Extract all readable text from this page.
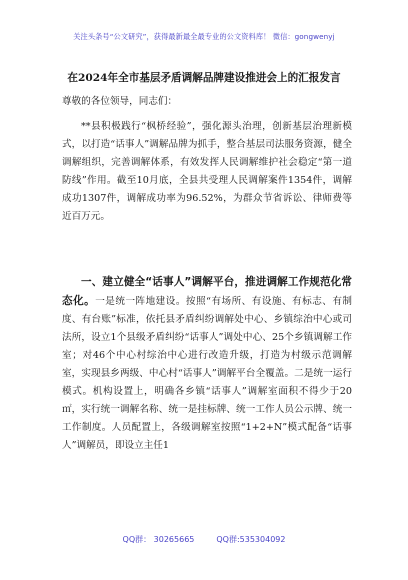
关注头条号“公文研究”，获得最新最全最专业的公文资料库！ 微信：gongwenyj
在2024年全市基层矛盾调解品牌建设推进会上的汇报发言
尊敬的各位领导，同志们：

**县积极践行“枫桥经验”，强化源头治理，创新基层治理新模式，以打造“话事人”调解品牌为抓手，整合基层司法服务资源，健全调解组织，完善调解体系，有效发挥人民调解维护社会稳定“第一道防线”作用。截至10月底，全县共受理人民调解案件1354件，调解成功1307件，调解成功率为96.52%，为群众节省诉讼、律师费等近百万元。

一、建立健全“话事人”调解平台，推进调解工作规范化常态化。一是统一阵地建设。按照“有场所、有设施、有标志、有制度、有台账”标准，依托县矛盾纠纷调解处中心、乡镇综治中心或司法所，设立1个县级矛盾纠纷“话事人”调处中心、25个乡镇调解工作室；对46个中心村综治中心进行改造升级，打造为村级示范调解室，实现县乡两级、中心村“话事人”调解平台全覆盖。二是统一运行模式。机构设置上，明确各乡镇“话事人”调解室面积不得少于20㎡，实行统一调解名称、统一是挂标牌、统一工作人员公示牌、统一工作制度。人员配置上，各级调解室按照“1+2+N”模式配备“话事人”调解员，即设立主任1

QQ群： 30265665	QQ群:535304092
